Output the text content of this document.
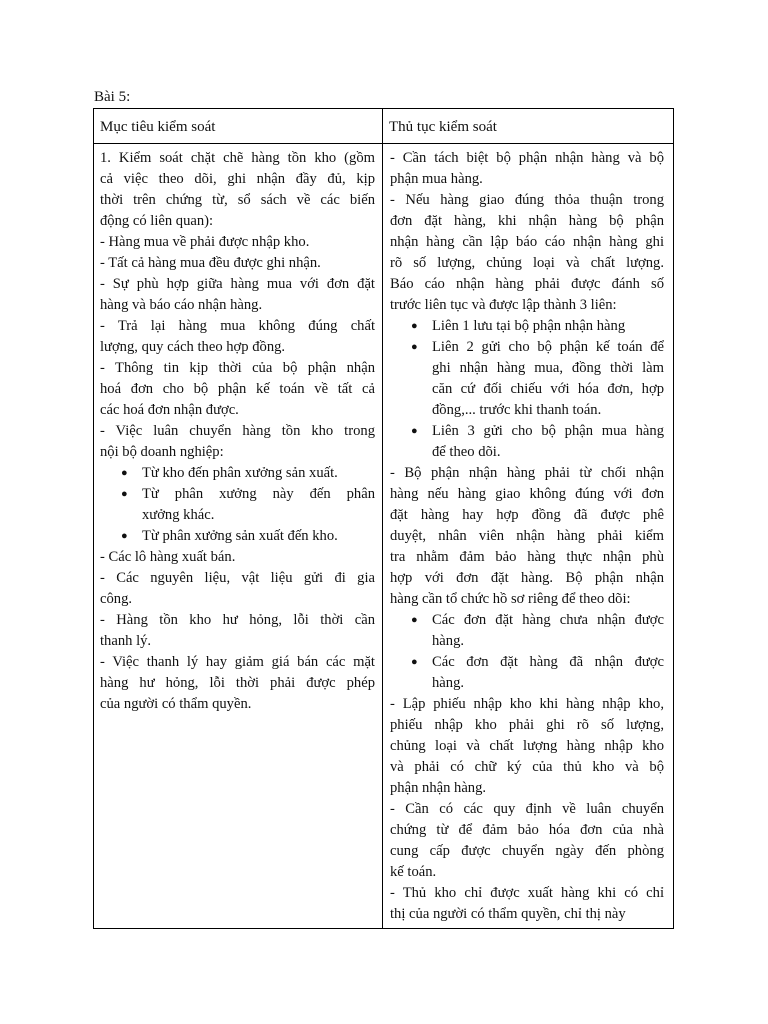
Bài 5:
Mục tiêu kiểm soát	Thủ tục kiểm soát
1. Kiểm soát chặt chẽ hàng tồn kho (gồm
cả việc theo dõi, ghi nhận đầy đủ, kịp
thời trên chứng từ, sổ sách về các biến
động có liên quan):
- Hàng mua về phải được nhập kho.
- Tất cả hàng mua đều được ghi nhận.
- Sự phù hợp giữa hàng mua với đơn đặt
hàng và báo cáo nhận hàng.
- Trả lại hàng mua không đúng chất
lượng, quy cách theo hợp đồng.
- Thông tin kịp thời của bộ phận nhận
hoá đơn cho bộ phận kế toán về tất cả
các hoá đơn nhận được.
- Việc luân chuyển hàng tồn kho trong
nội bộ doanh nghiệp:
● Từ kho đến phân xưởng sản xuất.
● Từ phân xưởng này đến phân
xưởng khác.
● Từ phân xưởng sản xuất đến kho.
- Các lô hàng xuất bán.
- Các nguyên liệu, vật liệu gửi đi gia
công.
- Hàng tồn kho hư hỏng, lỗi thời cần
thanh lý.
- Việc thanh lý hay giảm giá bán các mặt
hàng hư hỏng, lỗi thời phải được phép
của người có thẩm quyền.
- Cần tách biệt bộ phận nhận hàng và bộ
phận mua hàng.
- Nếu hàng giao đúng thỏa thuận trong
đơn đặt hàng, khi nhận hàng bộ phận
nhận hàng cần lập báo cáo nhận hàng ghi
rõ số lượng, chủng loại và chất lượng.
Báo cáo nhận hàng phải được đánh số
trước liên tục và được lập thành 3 liên:
● Liên 1 lưu tại bộ phận nhận hàng
● Liên 2 gửi cho bộ phận kế toán để
ghi nhận hàng mua, đồng thời làm
căn cứ đối chiếu với hóa đơn, hợp
đồng,... trước khi thanh toán.
● Liên 3 gửi cho bộ phận mua hàng
để theo dõi.
- Bộ phận nhận hàng phải từ chối nhận
hàng nếu hàng giao không đúng với đơn
đặt hàng hay hợp đồng đã được phê
duyệt, nhân viên nhận hàng phải kiểm
tra nhằm đảm bảo hàng thực nhận phù
hợp với đơn đặt hàng. Bộ phận nhận
hàng cần tổ chức hồ sơ riêng để theo dõi:
● Các đơn đặt hàng chưa nhận được
hàng.
● Các đơn đặt hàng đã nhận được
hàng.
- Lập phiếu nhập kho khi hàng nhập kho,
phiếu nhập kho phải ghi rõ số lượng,
chủng loại và chất lượng hàng nhập kho
và phải có chữ ký của thủ kho và bộ
phận nhận hàng.
- Cần có các quy định về luân chuyển
chứng từ để đảm bảo hóa đơn của nhà
cung cấp được chuyển ngày đến phòng
kế toán.
- Thủ kho chỉ được xuất hàng khi có chỉ
thị của người có thẩm quyền, chỉ thị này
